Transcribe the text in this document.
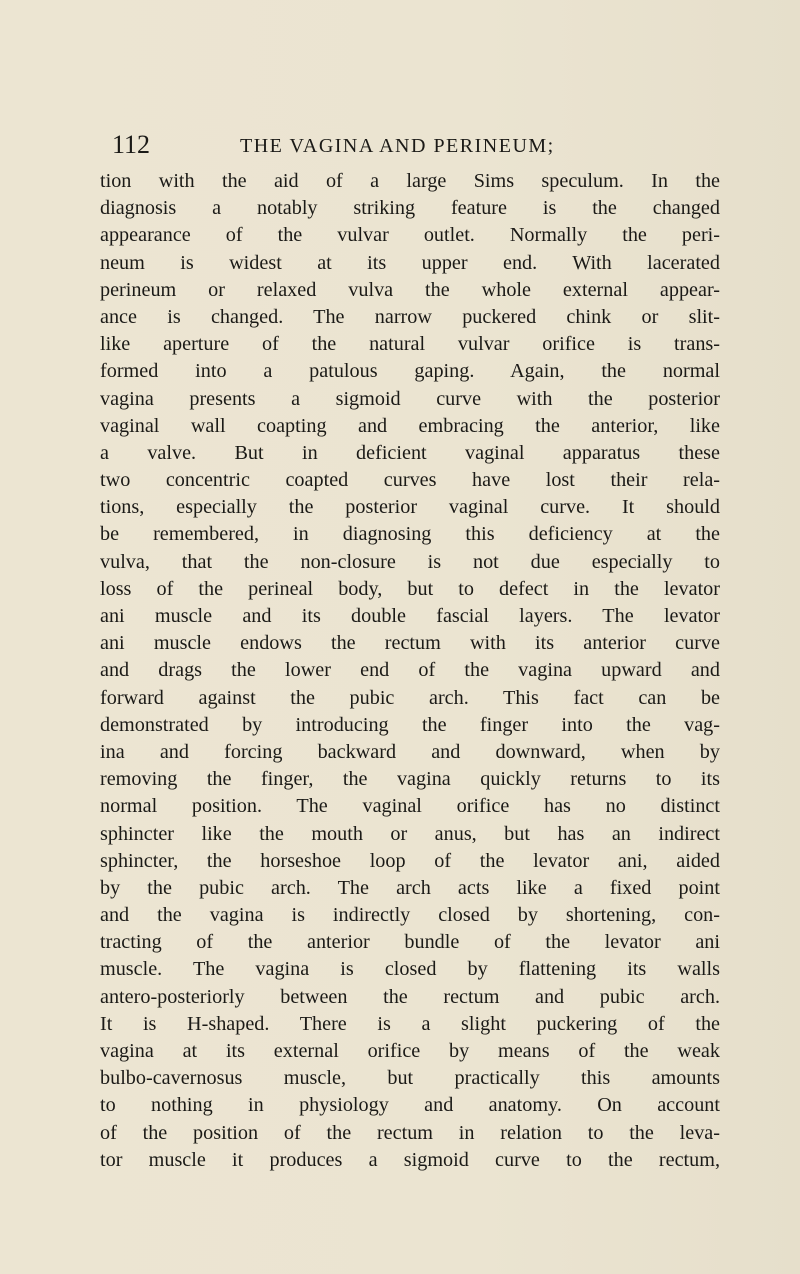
112	THE VAGINA AND PERINEUM;
tion with the aid of a large Sims speculum. In the
diagnosis a notably striking feature is the changed
appearance of the vulvar outlet. Normally the peri-
neum is widest at its upper end. With lacerated
perineum or relaxed vulva the whole external appear-
ance is changed. The narrow puckered chink or slit-
like aperture of the natural vulvar orifice is trans-
formed into a patulous gaping. Again, the normal
vagina presents a sigmoid curve with the posterior
vaginal wall coapting and embracing the anterior, like
a valve. But in deficient vaginal apparatus these
two concentric coapted curves have lost their rela-
tions, especially the posterior vaginal curve. It should
be remembered, in diagnosing this deficiency at the
vulva, that the non-closure is not due especially to
loss of the perineal body, but to defect in the levator
ani muscle and its double fascial layers. The levator
ani muscle endows the rectum with its anterior curve
and drags the lower end of the vagina upward and
forward against the pubic arch. This fact can be
demonstrated by introducing the finger into the vag-
ina and forcing backward and downward, when by
removing the finger, the vagina quickly returns to its
normal position. The vaginal orifice has no distinct
sphincter like the mouth or anus, but has an indirect
sphincter, the horseshoe loop of the levator ani, aided
by the pubic arch. The arch acts like a fixed point
and the vagina is indirectly closed by shortening, con-
tracting of the anterior bundle of the levator ani
muscle. The vagina is closed by flattening its walls
antero-posteriorly between the rectum and pubic arch.
It is H-shaped. There is a slight puckering of the
vagina at its external orifice by means of the weak
bulbo-cavernosus muscle, but practically this amounts
to nothing in physiology and anatomy. On account
of the position of the rectum in relation to the leva-
tor muscle it produces a sigmoid curve to the rectum,
